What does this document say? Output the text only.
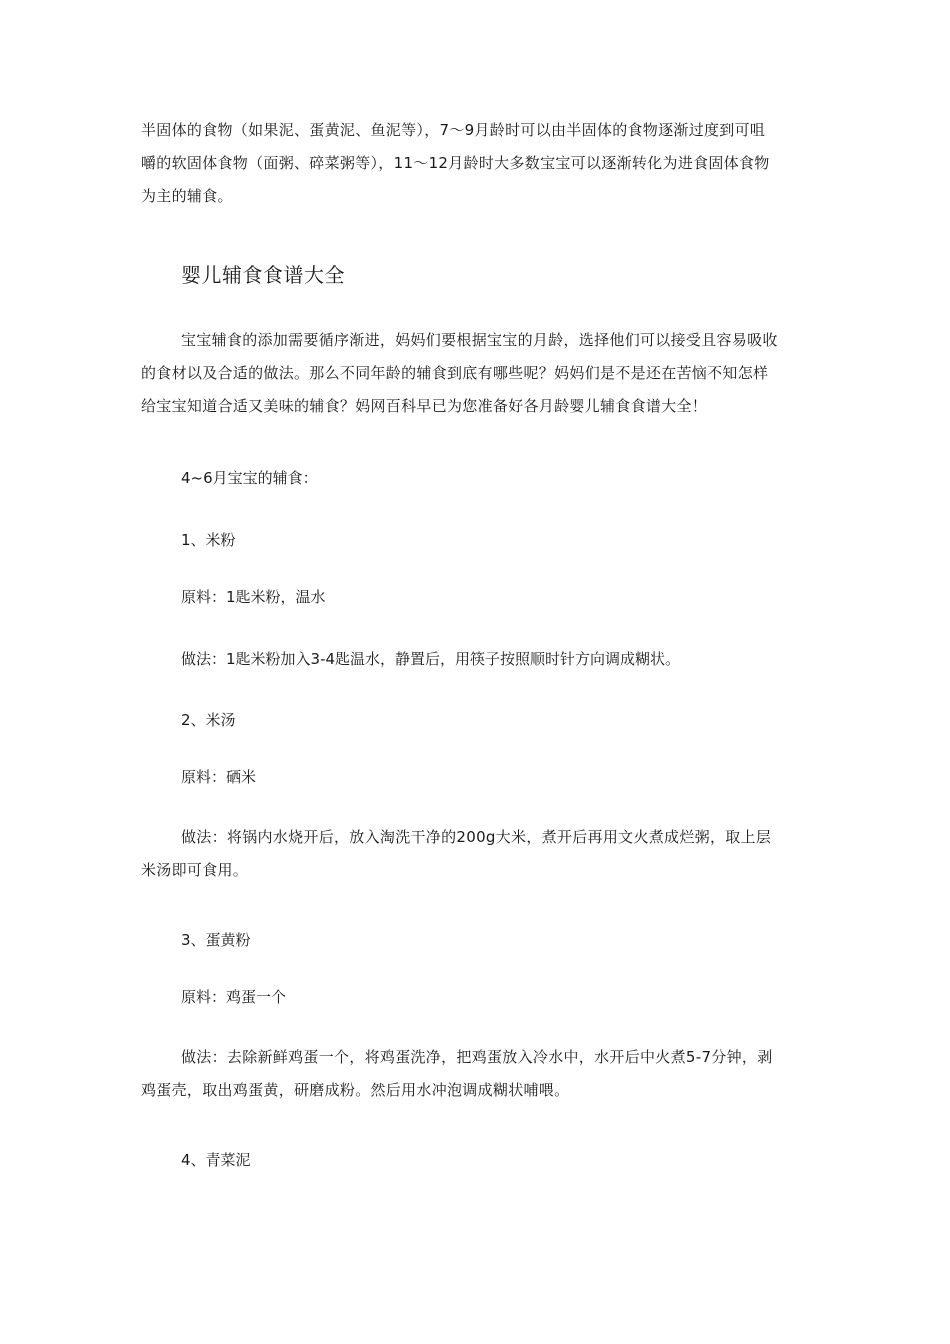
半固体的食物（如果泥、蛋黄泥、鱼泥等），7～9月龄时可以由半固体的食物逐渐过度到可咀
嚼的软固体食物（面粥、碎菜粥等），11～12月龄时大多数宝宝可以逐渐转化为进食固体食物
为主的辅食。

婴儿辅食食谱大全

宝宝辅食的添加需要循序渐进，妈妈们要根据宝宝的月龄，选择他们可以接受且容易吸收
的食材以及合适的做法。那么不同年龄的辅食到底有哪些呢？妈妈们是不是还在苦恼不知怎样
给宝宝知道合适又美味的辅食？妈网百科早已为您准备好各月龄婴儿辅食食谱大全！

4~6月宝宝的辅食：

1、米粉

原料：1匙米粉，温水

做法：1匙米粉加入3-4匙温水，静置后，用筷子按照顺时针方向调成糊状。

2、米汤

原料：硒米

做法：将锅内水烧开后，放入淘洗干净的200g大米，煮开后再用文火煮成烂粥，取上层
米汤即可食用。

3、蛋黄粉

原料：鸡蛋一个

做法：去除新鲜鸡蛋一个，将鸡蛋洗净，把鸡蛋放入冷水中，水开后中火煮5-7分钟，剥
鸡蛋壳，取出鸡蛋黄，研磨成粉。然后用水冲泡调成糊状哺喂。

4、青菜泥
